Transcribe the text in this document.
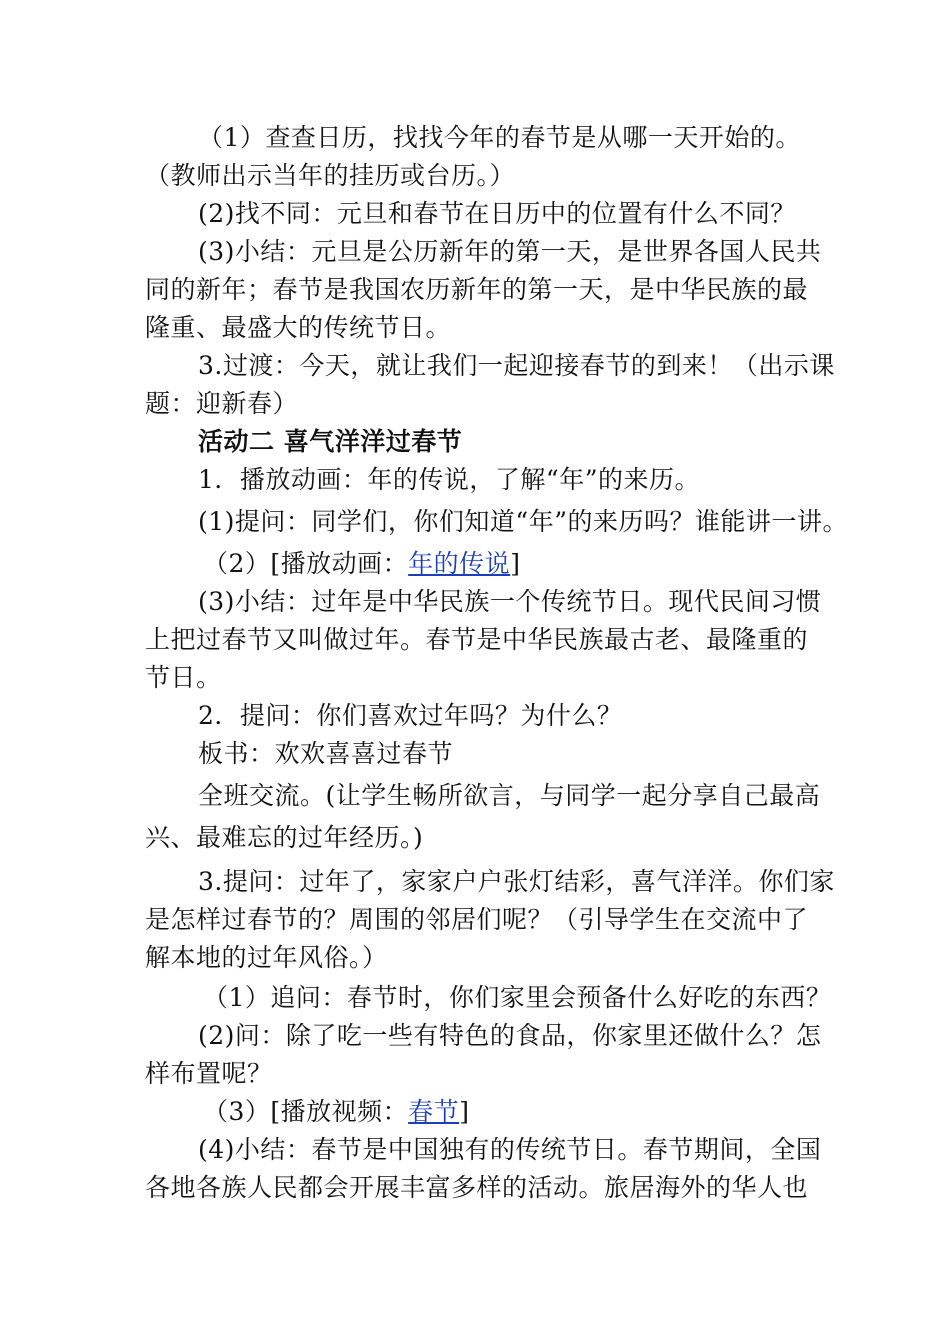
（1）查查日历，找找今年的春节是从哪一天开始的。
（教师出示当年的挂历或台历。）
(2)找不同：元旦和春节在日历中的位置有什么不同？
(3)小结：元旦是公历新年的第一天，是世界各国人民共
同的新年；春节是我国农历新年的第一天，是中华民族的最
隆重、最盛大的传统节日。
3.过渡：今天，就让我们一起迎接春节的到来！（出示课
题：迎新春）
活动二 喜气洋洋过春节
1．播放动画：年的传说，了解“年”的来历。
(1)提问：同学们，你们知道“年”的来历吗？谁能讲一讲。
（2）[播放动画：年的传说]
(3)小结：过年是中华民族一个传统节日。现代民间习惯
上把过春节又叫做过年。春节是中华民族最古老、最隆重的
节日。
2．提问：你们喜欢过年吗？为什么？
板书：欢欢喜喜过春节
全班交流。(让学生畅所欲言，与同学一起分享自己最高
兴、最难忘的过年经历。)
3.提问：过年了，家家户户张灯结彩，喜气洋洋。你们家
是怎样过春节的？周围的邻居们呢？（引导学生在交流中了
解本地的过年风俗。）
（1）追问：春节时，你们家里会预备什么好吃的东西？
(2)问：除了吃一些有特色的食品，你家里还做什么？怎
样布置呢？
（3）[播放视频：春节]
(4)小结：春节是中国独有的传统节日。春节期间，全国
各地各族人民都会开展丰富多样的活动。旅居海外的华人也
